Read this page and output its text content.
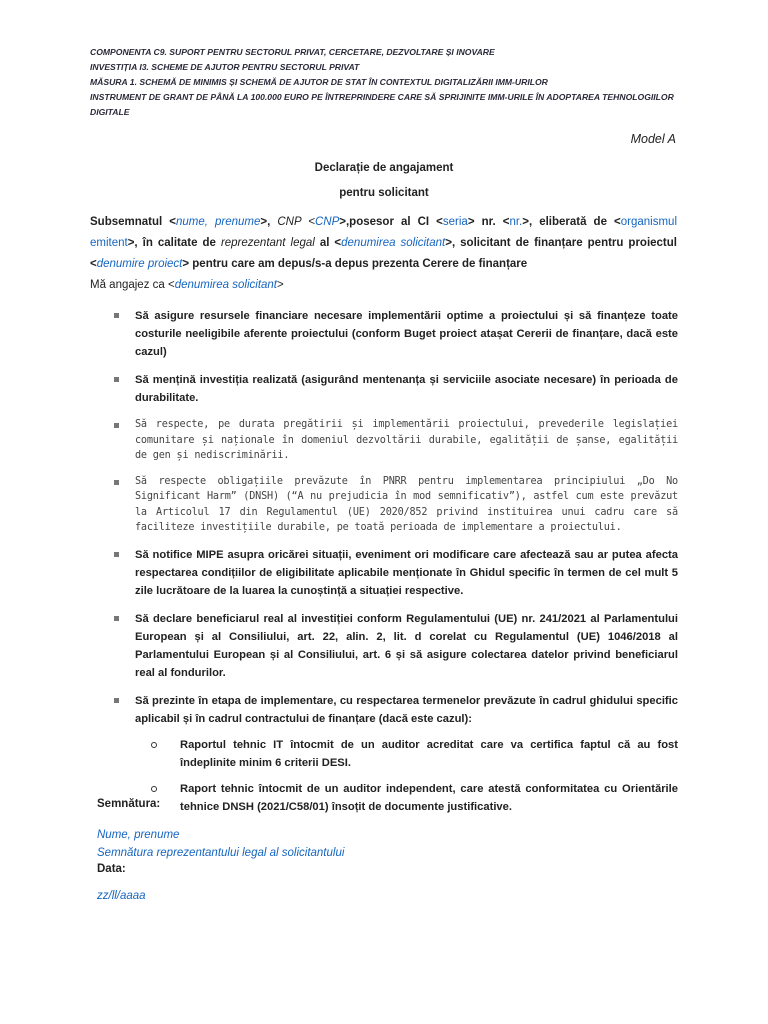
COMPONENTA C9. SUPORT PENTRU SECTORUL PRIVAT, CERCETARE, DEZVOLTARE ȘI INOVARE
INVESTIȚIA I3. SCHEME DE AJUTOR PENTRU SECTORUL PRIVAT
MĂSURA 1. SCHEMĂ DE MINIMIS ȘI SCHEMĂ DE AJUTOR DE STAT ÎN CONTEXTUL DIGITALIZĂRII IMM-URILOR
INSTRUMENT DE GRANT DE PÂNĂ LA 100.000 EURO PE ÎNTREPRINDERE CARE SĂ SPRIJINITE IMM-URILE ÎN ADOPTAREA TEHNOLOGIILOR DIGITALE
Model A
Declarație de angajament
pentru solicitant
Subsemnatul <nume, prenume>, CNP <CNP>,posesor al CI <seria> nr. <nr.>, eliberată de <organismul emitent>, în calitate de reprezentant legal al <denumirea solicitant>, solicitant de finanțare pentru proiectul <denumire proiect> pentru care am depus/s-a depus prezenta Cerere de finanțare
Mă angajez ca <denumirea solicitant>
Să asigure resursele financiare necesare implementării optime a proiectului și să finanțeze toate costurile neeligibile aferente proiectului (conform Buget proiect atașat Cererii de finanțare, dacă este cazul)
Să mențină investiția realizată (asigurând mentenanța și serviciile asociate necesare) în perioada de durabilitate.
Să respecte, pe durata pregătirii și implementării proiectului, prevederile legislației comunitare și naționale în domeniul dezvoltării durabile, egalității de șanse, egalității de gen și nediscriminării.
Să respecte obligațiile prevăzute în PNRR pentru implementarea principiului „Do No Significant Harm” (DNSH) (“A nu prejudicia în mod semnificativ”), astfel cum este prevăzut la Articolul 17 din Regulamentul (UE) 2020/852 privind instituirea unui cadru care să faciliteze investițiile durabile, pe toată perioada de implementare a proiectului.
Să notifice MIPE asupra oricărei situații, eveniment ori modificare care afectează sau ar putea afecta respectarea condițiilor de eligibilitate aplicabile menționate în Ghidul specific în termen de cel mult 5 zile lucrătoare de la luarea la cunoștință a situației respective.
Să declare beneficiarul real al investiției conform Regulamentului (UE) nr. 241/2021 al Parlamentului European și al Consiliului, art. 22, alin. 2, lit. d corelat cu Regulamentul (UE) 1046/2018 al Parlamentului European și al Consiliului, art. 6 și să asigure colectarea datelor privind beneficiarul real al fondurilor.
Să prezinte în etapa de implementare, cu respectarea termenelor prevăzute în cadrul ghidului specific aplicabil și în cadrul contractului de finanțare (dacă este cazul):
Raportul tehnic IT întocmit de un auditor acreditat care va certifica faptul că au fost îndeplinite minim 6 criterii DESI.
Raport tehnic întocmit de un auditor independent, care atestă conformitatea cu Orientările tehnice DNSH (2021/C58/01) însoțit de documente justificative.
Semnătura:
Nume, prenume
Semnătura reprezentantului legal al solicitantului
Data:
zz/ll/aaaa
